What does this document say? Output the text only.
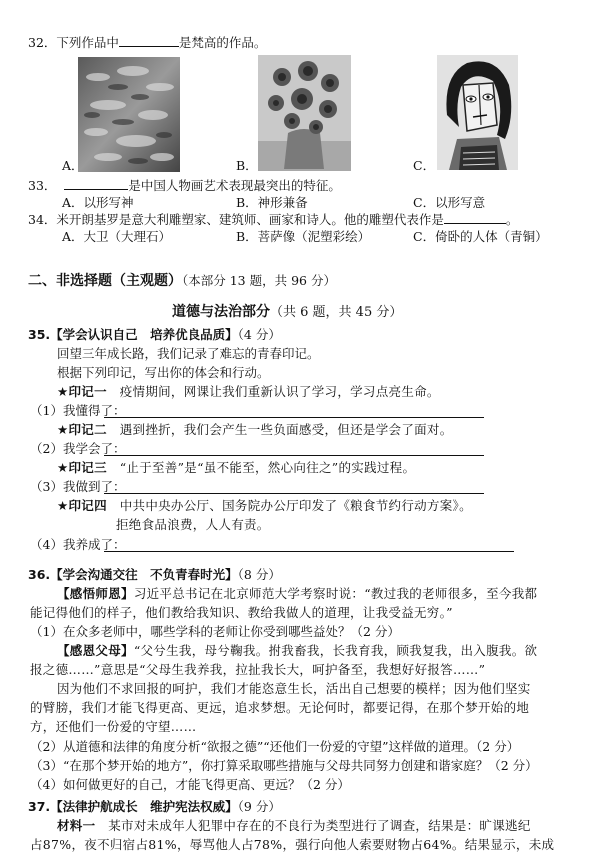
32．下列作品中	是梵高的作品。
A．	B．	C．
33．	是中国人物画艺术表现最突出的特征。
A．以形写神	B．神形兼备	C．以形写意
34．米开朗基罗是意大利雕塑家、建筑师、画家和诗人。他的雕塑代表作是	。
A．大卫（大理石）	B．菩萨像（泥塑彩绘）	C．倚卧的人体（青铜）
二、非选择题（主观题）（本部分 13 题，共 96 分）
道德与法治部分（共 6 题，共 45 分）
35.【学会认识自己　培养优良品质】（4 分）
回望三年成长路，我们记录了难忘的青春印记。
根据下列印记，写出你的体会和行动。
★印记一　 疫情期间，网课让我们重新认识了学习，学习点亮生命。
（1）我懂得了：
★印记二　 遇到挫折，我们会产生一些负面感受，但还是学会了面对。
（2）我学会了：
★印记三　 “止于至善”是“虽不能至，然心向往之”的实践过程。
（3）我做到了：
★印记四　 中共中央办公厅、国务院办公厅印发了《粮食节约行动方案》。
拒绝食品浪费，人人有责。
（4）我养成了：
36.【学会沟通交往　不负青春时光】（8 分）
【感悟师恩】习近平总书记在北京师范大学考察时说：“教过我的老师很多，至今我都
能记得他们的样子，他们教给我知识、教给我做人的道理，让我受益无穷。”
（1）在众多老师中，哪些学科的老师让你受到哪些益处？（2 分）
【感恩父母】“父兮生我，母兮鞠我。拊我畜我，长我育我，顾我复我，出入腹我。欲
报之德……”意思是“父母生我养我，拉扯我长大，呵护备至，我想好好报答……”
因为他们不求回报的呵护，我们才能恣意生长，活出自己想要的模样；因为他们坚实
的臂膀，我们才能飞得更高、更远，追求梦想。无论何时，都要记得，在那个梦开始的地
方，还他们一份爱的守望……
（2）从道德和法律的角度分析“欲报之德”“还他们一份爱的守望”这样做的道理。（2 分）
（3）“在那个梦开始的地方”，你打算采取哪些措施与父母共同努力创建和谐家庭？（2 分）
（4）如何做更好的自己，才能飞得更高、更远？（2 分）
37.【法律护航成长　维护宪法权威】（9 分）
材料一　 某市对未成年人犯罪中存在的不良行为类型进行了调查，结果是：旷课逃纪
占87%，夜不归宿占81%，辱骂他人占78%，强行向他人索要财物占64%。结果显示，未成
